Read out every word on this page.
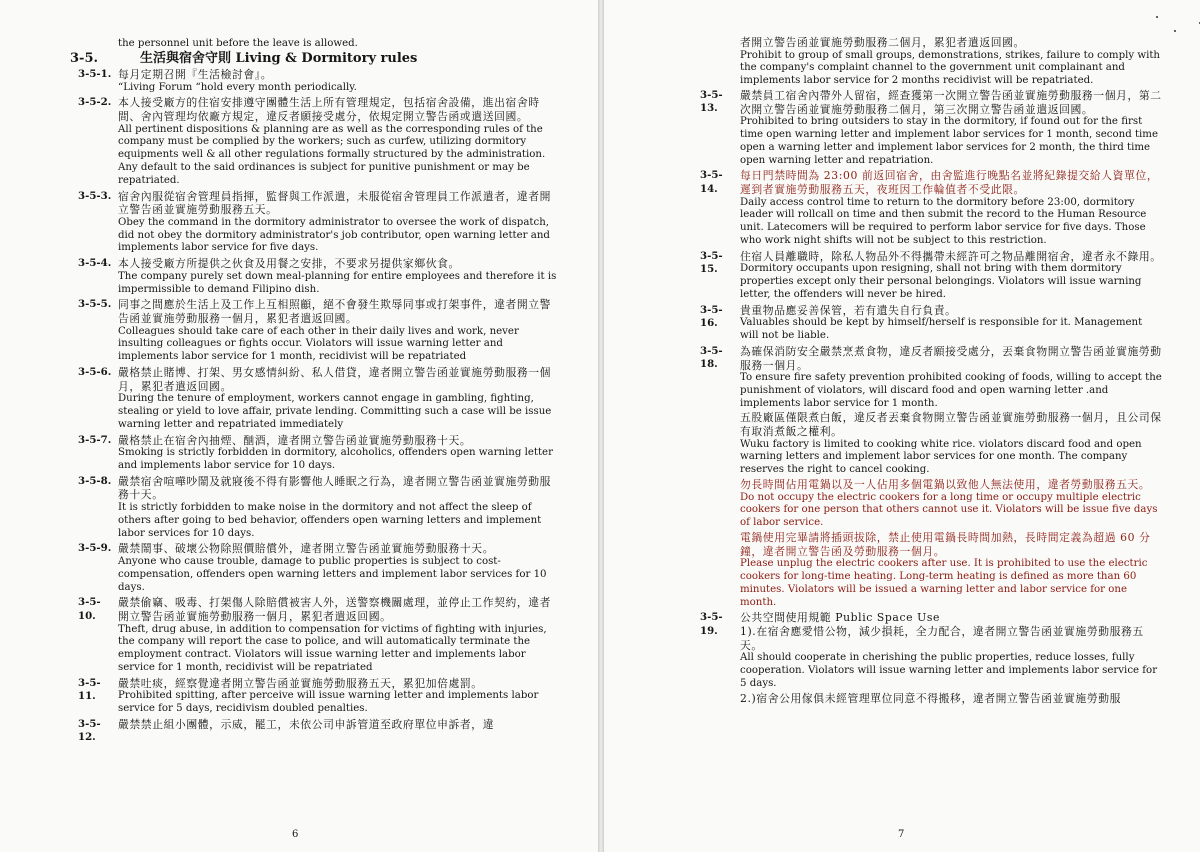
the personnel unit before the leave is allowed.
3-5.	生活與宿舍守則 Living & Dormitory rules
3-5-1. 每月定期召開『生活檢討會』。
“Living Forum “hold every month periodically.
3-5-2. 本人接受廠方的住宿安排遵守團體生活上所有管理規定，包括宿舍設備，進出宿舍時間、舍內管理均依廠方規定，違反者願接受處分，依規定開立警告函或遣送回國。
All pertinent dispositions & planning are as well as the corresponding rules of the company must be complied by the workers; such as curfew, utilizing dormitory equipments well & all other regulations formally structured by the administration. Any default to the said ordinances is subject for punitive punishment or may be repatriated.
3-5-3. 宿舍內服從宿舍管理員指揮，監督與工作派遣，未服從宿舍管理員工作派遣者，違者開立警告函並實施勞動服務五天。
Obey the command in the dormitory administrator to oversee the work of dispatch, did not obey the dormitory administrator's job contributor, open warning letter and implements labor service for five days.
3-5-4. 本人接受廠方所提供之伙食及用餐之安排，不要求另提供家鄉伙食。
The company purely set down meal-planning for entire employees and therefore it is impermissible to demand Filipino dish.
3-5-5. 同事之間應於生活上及工作上互相照顧，絕不會發生欺辱同事或打架事件，違者開立警告函並實施勞動服務一個月，累犯者遣返回國。
Colleagues should take care of each other in their daily lives and work, never insulting colleagues or fights occur. Violators will issue warning letter and implements labor service for 1 month, recidivist will be repatriated
3-5-6. 嚴格禁止賭博、打架、男女感情糾紛、私人借貸，違者開立警告函並實施勞動服務一個月，累犯者遣返回國。
During the tenure of employment, workers cannot engage in gambling, fighting, stealing or yield to love affair, private lending. Committing such a case will be issue warning letter and repatriated immediately
3-5-7. 嚴格禁止在宿舍內抽煙、酗酒，違者開立警告函並實施勞動服務十天。
Smoking is strictly forbidden in dormitory, alcoholics, offenders open warning letter and implements labor service for 10 days.
3-5-8. 嚴禁宿舍喧嘩吵鬧及就寢後不得有影響他人睡眠之行為，違者開立警告函並實施勞動服務十天。
It is strictly forbidden to make noise in the dormitory and not affect the sleep of others after going to bed behavior, offenders open warning letters and implement labor services for 10 days.
3-5-9. 嚴禁鬧事、破壞公物除照價賠償外，違者開立警告函並實施勞動服務十天。
Anyone who cause trouble, damage to public properties is subject to cost-compensation, offenders open warning letters and implement labor services for 10 days.
3-5-10.
嚴禁偷竊、吸毒、打架傷人除賠償被害人外，送警察機關處理，並停止工作契約，違者開立警告函並實施勞動服務一個月，累犯者遣返回國。
Theft, drug abuse, in addition to compensation for victims of fighting with injuries, the company will report the case to police, and will automatically terminate the employment contract. Violators will issue warning letter and implements labor service for 1 month, recidivist will be repatriated
3-5-11.
嚴禁吐痰，經察覺違者開立警告函並實施勞動服務五天，累犯加倍處罰。
Prohibited spitting, after perceive will issue warning letter and implements labor service for 5 days, recidivism doubled penalties.
3-5-12.
嚴禁禁止組小團體，示威，罷工，未依公司申訴管道至政府單位申訴者，違
6
者開立警告函並實施勞動服務二個月，累犯者遣返回國。
Prohibit to group of small groups, demonstrations, strikes, failure to comply with the company's complaint channel to the government unit complainant and implements labor service for 2 months recidivist will be repatriated.
3-5-13.
嚴禁員工宿舍內帶外人留宿，經查獲第一次開立警告函並實施勞動服務一個月，第二次開立警告函並實施勞動服務二個月，第三次開立警告函並遣返回國。
Prohibited to bring outsiders to stay in the dormitory, if found out for the first time open warning letter and implement labor services for 1 month, second time open a warning letter and implement labor services for 2 month, the third time open warning letter and repatriation.
3-5-14.
每日門禁時間為 23:00 前返回宿舍，由舍監進行晚點名並將紀錄提交給人資單位，遲到者實施勞動服務五天，夜班因工作輪值者不受此限。
Daily access control time to return to the dormitory before 23:00, dormitory leader will rollcall on time and then submit the record to the Human Resource unit. Latecomers will be required to perform labor service for five days. Those who work night shifts will not be subject to this restriction.
3-5-15.
住宿人員離職時，除私人物品外不得攜帶未經許可之物品離開宿舍，違者永不錄用。
Dormitory occupants upon resigning, shall not bring with them dormitory properties except only their personal belongings. Violators will issue warning letter, the offenders will never be hired.
3-5-16.
貴重物品應妥善保管，若有遺失自行負責。
Valuables should be kept by himself/herself is responsible for it. Management will not be liable.
3-5-18.
為確保消防安全嚴禁烹煮食物，違反者願接受處分，丟棄食物開立警告函並實施勞動服務一個月。
To ensure fire safety prevention prohibited cooking of foods, willing to accept the punishment of violators, will discard food and open warning letter .and implements labor service for 1 month.
五股廠區僅限煮白飯，違反者丟棄食物開立警告函並實施勞動服務一個月，且公司保有取消煮飯之權利。
Wuku factory is limited to cooking white rice. violators discard food and open warning letters and implement labor services for one month. The company reserves the right to cancel cooking.
勿長時間佔用電鍋以及一人佔用多個電鍋以致他人無法使用，違者勞動服務五天。
Do not occupy the electric cookers for a long time or occupy multiple electric cookers for one person that others cannot use it. Violators will be issue five days of labor service.
電鍋使用完畢請將插頭拔除，禁止使用電鍋長時間加熱，長時間定義為超過 60 分鐘，違者開立警告函及勞動服務一個月。
Please unplug the electric cookers after use. It is prohibited to use the electric cookers for long-time heating. Long-term heating is defined as more than 60 minutes. Violators will be issued a warning letter and labor service for one month.
3-5-19.
公共空間使用規範 Public Space Use
1).在宿舍應愛惜公物，減少損耗，全力配合，違者開立警告函並實施勞動服務五天。
All should cooperate in cherishing the public properties, reduce losses, fully cooperation. Violators will issue warning letter and implements labor service for 5 days.
2.)宿舍公用傢俱未經管理單位同意不得搬移，違者開立警告函並實施勞動服
7
